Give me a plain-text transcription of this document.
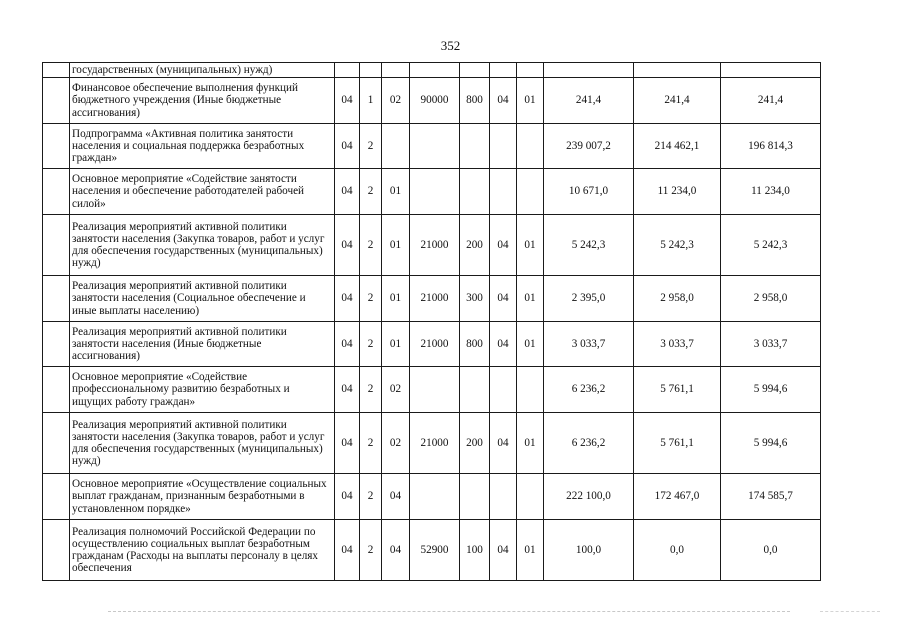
352
	государственных (муниципальных) нужд)										
	Финансовое обеспечение выполнения функций бюджетного учреждения (Иные бюджетные ассигнования)	04	1	02	90000	800	04	01	241,4	241,4	241,4
	Подпрограмма «Активная политика занятости населения и социальная поддержка безработных граждан»	04	2						239 007,2	214 462,1	196 814,3
	Основное мероприятие «Содействие занятости населения и обеспечение работодателей рабочей силой»	04	2	01					10 671,0	11 234,0	11 234,0
	Реализация мероприятий активной политики занятости населения (Закупка товаров, работ и услуг для обеспечения государственных (муниципальных) нужд)	04	2	01	21000	200	04	01	5 242,3	5 242,3	5 242,3
	Реализация мероприятий активной политики занятости населения (Социальное обеспечение и иные выплаты населению)	04	2	01	21000	300	04	01	2 395,0	2 958,0	2 958,0
	Реализация мероприятий активной политики занятости населения (Иные бюджетные ассигнования)	04	2	01	21000	800	04	01	3 033,7	3 033,7	3 033,7
	Основное мероприятие «Содействие профессиональному развитию безработных и ищущих работу граждан»	04	2	02					6 236,2	5 761,1	5 994,6
	Реализация мероприятий активной политики занятости населения (Закупка товаров, работ и услуг для обеспечения государственных (муниципальных) нужд)	04	2	02	21000	200	04	01	6 236,2	5 761,1	5 994,6
	Основное мероприятие «Осуществление социальных выплат гражданам, признанным безработными в установленном порядке»	04	2	04					222 100,0	172 467,0	174 585,7
	Реализация полномочий Российской Федерации по осуществлению социальных выплат безработным гражданам (Расходы на выплаты персоналу в целях обеспечения	04	2	04	52900	100	04	01	100,0	0,0	0,0
